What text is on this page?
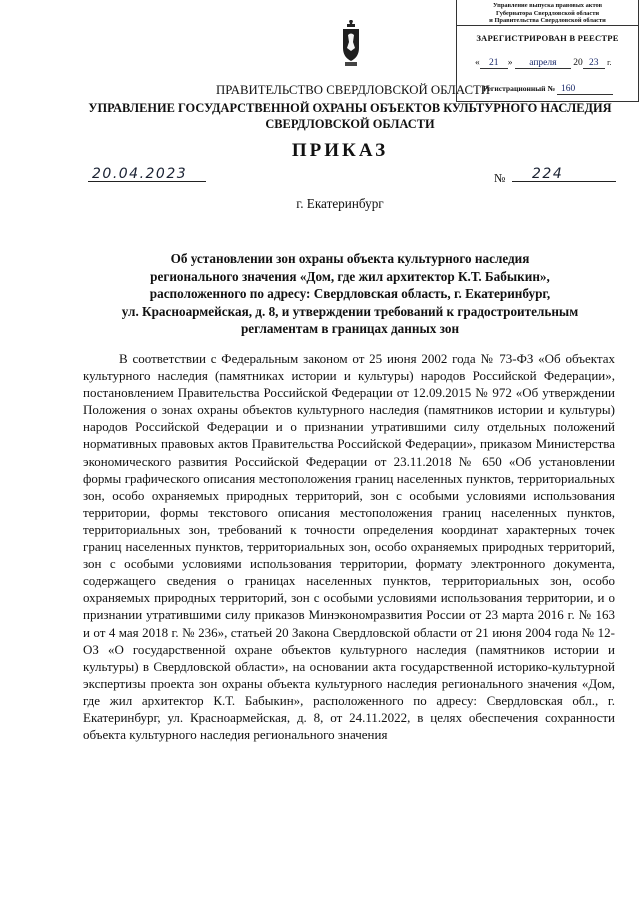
Управление выпуска правовых актов
Губернатора Свердловской области
и Правительства Свердловской области
ЗАРЕГИСТРИРОВАН В РЕЕСТРЕ
« 21 » апреля 20 23 г.
Регистрационный № 160
ПРАВИТЕЛЬСТВО СВЕРДЛОВСКОЙ ОБЛАСТИ
УПРАВЛЕНИЕ ГОСУДАРСТВЕННОЙ ОХРАНЫ ОБЪЕКТОВ КУЛЬТУРНОГО НАСЛЕДИЯ
СВЕРДЛОВСКОЙ ОБЛАСТИ
ПРИКАЗ
20.04.2023	№	224
г. Екатеринбург
Об установлении зон охраны объекта культурного наследия
регионального значения «Дом, где жил архитектор К.Т. Бабыкин»,
расположенного по адресу: Свердловская область, г. Екатеринбург,
ул. Красноармейская, д. 8, и утверждении требований к градостроительным
регламентам в границах данных зон
В соответствии с Федеральным законом от 25 июня 2002 года № 73-ФЗ «Об объектах культурного наследия (памятниках истории и культуры) народов Российской Федерации», постановлением Правительства Российской Федерации от 12.09.2015 № 972 «Об утверждении Положения о зонах охраны объектов культурного наследия (памятников истории и культуры) народов Российской Федерации и о признании утратившими силу отдельных положений нормативных правовых актов Правительства Российской Федерации», приказом Министерства экономического развития Российской Федерации от 23.11.2018 № 650 «Об установлении формы графического описания местоположения границ населенных пунктов, территориальных зон, особо охраняемых природных территорий, зон с особыми условиями использования территории, формы текстового описания местоположения границ населенных пунктов, территориальных зон, требований к точности определения координат характерных точек границ населенных пунктов, территориальных зон, особо охраняемых природных территорий, зон с особыми условиями использования территории, формату электронного документа, содержащего сведения о границах населенных пунктов, территориальных зон, особо охраняемых природных территорий, зон с особыми условиями использования территории, и о признании утратившими силу приказов Минэкономразвития России от 23 марта 2016 г. № 163 и от 4 мая 2018 г. № 236», статьей 20 Закона Свердловской области от 21 июня 2004 года № 12-ОЗ «О государственной охране объектов культурного наследия (памятников истории и культуры) в Свердловской области», на основании акта государственной историко-культурной экспертизы проекта зон охраны объекта культурного наследия регионального значения «Дом, где жил архитектор К.Т. Бабыкин», расположенного по адресу: Свердловская обл., г. Екатеринбург, ул. Красноармейская, д. 8, от 24.11.2022, в целях обеспечения сохранности объекта культурного наследия регионального значения
